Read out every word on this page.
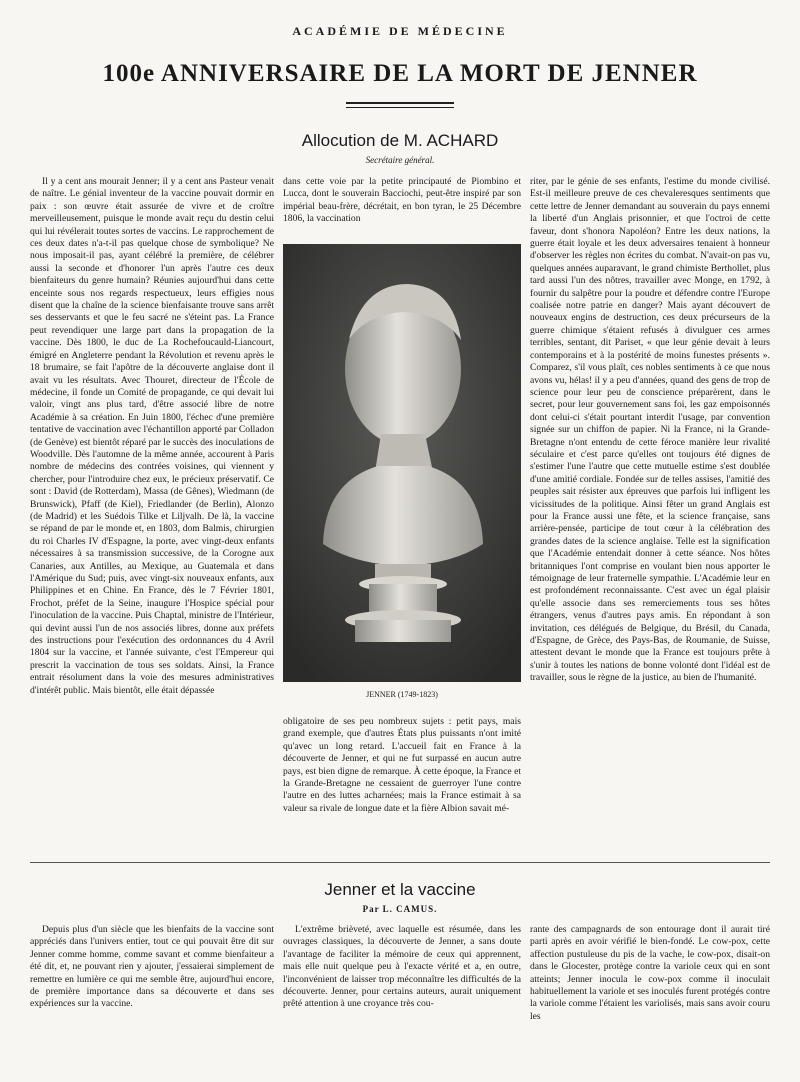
ACADÉMIE DE MÉDECINE
100e ANNIVERSAIRE DE LA MORT DE JENNER
Allocution de M. ACHARD
Secrétaire général.

Il y a cent ans mourait Jenner; il y a cent ans Pasteur venait de naître. Le génial inventeur de la vaccine pouvait dormir en paix : son œuvre était assurée de vivre et de croître merveilleusement, puisque le monde avait reçu du destin celui qui lui révélerait toutes sortes de vaccins. Le rapprochement de ces deux dates n'a-t-il pas quelque chose de symbolique? Ne nous imposait-il pas, ayant célébré la première, de célébrer aussi la seconde et d'honorer l'un après l'autre ces deux bienfaiteurs du genre humain? Réunies aujourd'hui dans cette enceinte sous nos regards respectueux, leurs effigies nous disent que la chaîne de la science bienfaisante trouve sans arrêt ses desservants et que le feu sacré ne s'éteint pas. La France peut revendiquer une large part dans la propagation de la vaccine. Dès 1800, le duc de La Rochefoucauld-Liancourt, émigré en Angleterre pendant la Révolution et revenu après le 18 brumaire, se fait l'apôtre de la découverte anglaise dont il avait vu les résultats. Avec Thouret, directeur de l'École de médecine, il fonde un Comité de propagande, ce qui devait lui valoir, vingt ans plus tard, d'être associé libre de notre Académie à sa création. En Juin 1800, l'échec d'une première tentative de vaccination avec l'échantillon apporté par Colladon (de Genève) est bientôt réparé par le succès des inoculations de Woodville. Dès l'automne de la même année, accourent à Paris nombre de médecins des contrées voisines, qui viennent y chercher, pour l'introduire chez eux, le précieux préservatif. Ce sont : David (de Rotterdam), Massa (de Gênes), Wiedmann (de Brunswick), Pfaff (de Kiel), Friedlander (de Berlin), Alonzo (de Madrid) et les Suédois Tilke et Liljvalh. De là, la vaccine se répand de par le monde et, en 1803, dom Balmis, chirurgien du roi Charles IV d'Espagne, la porte, avec vingt-deux enfants nécessaires à sa transmission successive, de la Corogne aux Canaries, aux Antilles, au Mexique, au Guatemala et dans l'Amérique du Sud; puis, avec vingt-six nouveaux enfants, aux Philippines et en Chine. En France, dès le 7 Février 1801, Frochot, préfet de la Seine, inaugure l'Hospice spécial pour l'inoculation de la vaccine. Puis Chaptal, ministre de l'Intérieur, qui devint aussi l'un de nos associés libres, donne aux préfets des instructions pour l'exécution des ordonnances du 4 Avril 1804 sur la vaccine, et l'année suivante, c'est l'Empereur qui prescrit la vaccination de tous ses soldats. Ainsi, la France entrait résolument dans la voie des mesures administratives d'intérêt public. Mais bientôt, elle était dépassée

dans cette voie par la petite principauté de Piombino et Lucca, dont le souverain Bacciochi, peut-être inspiré par son impérial beau-frère, décrétait, en bon tyran, le 25 Décembre 1806, la vaccination

JENNER (1749-1823)

obligatoire de ses peu nombreux sujets : petit pays, mais grand exemple, que d'autres États plus puissants n'ont imité qu'avec un long retard. L'accueil fait en France à la découverte de Jenner, et qui ne fut surpassé en aucun autre pays, est bien digne de remarque. À cette époque, la France et la Grande-Bretagne ne cessaient de guerroyer l'une contre l'autre en des luttes acharnées; mais la France estimait à sa valeur sa rivale de longue date et la fière Albion savait mé-

riter, par le génie de ses enfants, l'estime du monde civilisé. Est-il meilleure preuve de ces chevaleresques sentiments que cette lettre de Jenner demandant au souverain du pays ennemi la liberté d'un Anglais prisonnier, et que l'octroi de cette faveur, dont s'honora Napoléon? Entre les deux nations, la guerre était loyale et les deux adversaires tenaient à honneur d'observer les règles non écrites du combat. N'avait-on pas vu, quelques années auparavant, le grand chimiste Berthollet, plus tard aussi l'un des nôtres, travailler avec Monge, en 1792, à fournir du salpêtre pour la poudre et défendre contre l'Europe coalisée notre patrie en danger? Mais ayant découvert de nouveaux engins de destruction, ces deux précurseurs de la guerre chimique s'étaient refusés à divulguer ces armes terribles, sentant, dit Pariset, « que leur génie devait à leurs contemporains et à la postérité de moins funestes présents ». Comparez, s'il vous plaît, ces nobles sentiments à ce que nous avons vu, hélas! il y a peu d'années, quand des gens de trop de science pour leur peu de conscience préparèrent, dans le secret, pour leur gouvernement sans foi, les gaz empoisonnés dont celui-ci s'était pourtant interdit l'usage, par convention signée sur un chiffon de papier. Ni la France, ni la Grande-Bretagne n'ont entendu de cette féroce manière leur rivalité séculaire et c'est parce qu'elles ont toujours été dignes de s'estimer l'une l'autre que cette mutuelle estime s'est doublée d'une amitié cordiale. Fondée sur de telles assises, l'amitié des peuples sait résister aux épreuves que parfois lui infligent les vicissitudes de la politique. Ainsi fêter un grand Anglais est pour la France aussi une fête, et la science française, sans arrière-pensée, participe de tout cœur à la célébration des grandes dates de la science anglaise. Telle est la signification que l'Académie entendait donner à cette séance. Nos hôtes britanniques l'ont comprise en voulant bien nous apporter le témoignage de leur fraternelle sympathie. L'Académie leur en est profondément reconnaissante. C'est avec un égal plaisir qu'elle associe dans ses remerciements tous ses hôtes étrangers, venus d'autres pays amis. En répondant à son invitation, ces délégués de Belgique, du Brésil, du Canada, d'Espagne, de Grèce, des Pays-Bas, de Roumanie, de Suisse, attestent devant le monde que la France est toujours prête à s'unir à toutes les nations de bonne volonté dont l'idéal est de travailler, sous le règne de la justice, au bien de l'humanité.

Jenner et la vaccine
Par L. CAMUS.

Depuis plus d'un siècle que les bienfaits de la vaccine sont appréciés dans l'univers entier, tout ce qui pouvait être dit sur Jenner comme homme, comme savant et comme bienfaiteur a été dit, et, ne pouvant rien y ajouter, j'essaierai simplement de remettre en lumière ce qui me semble être, aujourd'hui encore, de première importance dans sa découverte et dans ses expériences sur la vaccine.

L'extrême brièveté, avec laquelle est résumée, dans les ouvrages classiques, la découverte de Jenner, a sans doute l'avantage de faciliter la mémoire de ceux qui apprennent, mais elle nuit quelque peu à l'exacte vérité et a, en outre, l'inconvénient de laisser trop méconnaître les difficultés de la découverte. Jenner, pour certains auteurs, aurait uniquement prêté attention à une croyance très cou-

rante des campagnards de son entourage dont il aurait tiré parti après en avoir vérifié le bien-fondé. Le cow-pox, cette affection pustuleuse du pis de la vache, le cow-pox, disait-on dans le Glocester, protège contre la variole ceux qui en sont atteints; Jenner inocula le cow-pox comme il inoculait habituellement la variole et ses inoculés furent protégés contre la variole comme l'étaient les variolisés, mais sans avoir couru les
